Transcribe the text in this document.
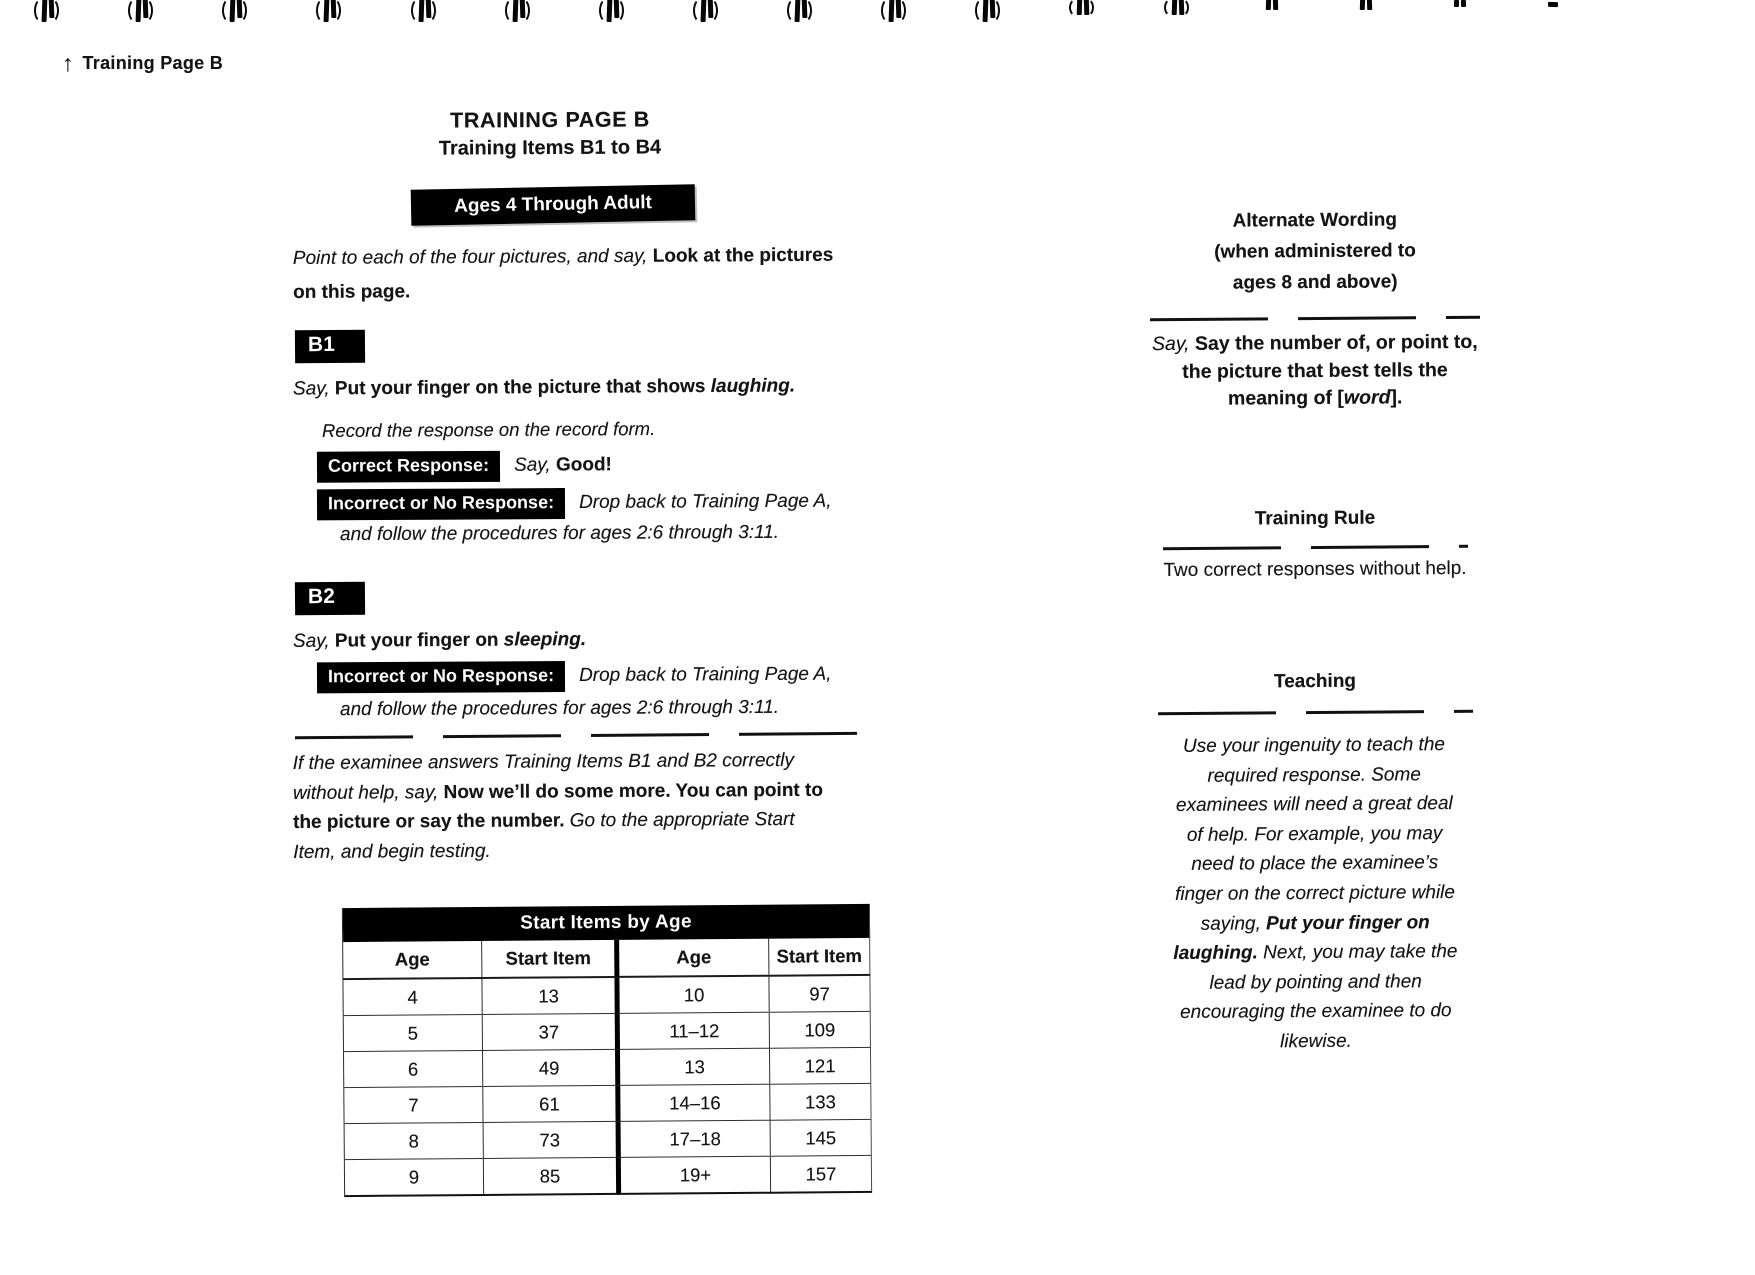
↑ Training Page B
TRAINING PAGE B
Training Items B1 to B4
Ages 4 Through Adult
Point to each of the four pictures, and say, Look at the pictures
on this page.
B1
Say, Put your finger on the picture that shows laughing.
Record the response on the record form.
Correct Response:	Say, Good!
Incorrect or No Response:	Drop back to Training Page A,
and follow the procedures for ages 2:6 through 3:11.
B2
Say, Put your finger on sleeping.
Incorrect or No Response:	Drop back to Training Page A,
and follow the procedures for ages 2:6 through 3:11.
If the examinee answers Training Items B1 and B2 correctly
without help, say, Now we’ll do some more. You can point to
the picture or say the number. Go to the appropriate Start
Item, and begin testing.
Start Items by Age			
Age	Start Item	Age	Start Item
4	13	10	97
5	37	11–12	109
6	49	13	121
7	61	14–16	133
8	73	17–18	145
9	85	19+	157
Alternate Wording
(when administered to
ages 8 and above)
Say, Say the number of, or point to,
the picture that best tells the
meaning of [word].
Training Rule
Two correct responses without help.
Teaching
Use your ingenuity to teach the
required response. Some
examinees will need a great deal
of help. For example, you may
need to place the examinee’s
finger on the correct picture while
saying, Put your finger on
laughing. Next, you may take the
lead by pointing and then
encouraging the examinee to do
likewise.
